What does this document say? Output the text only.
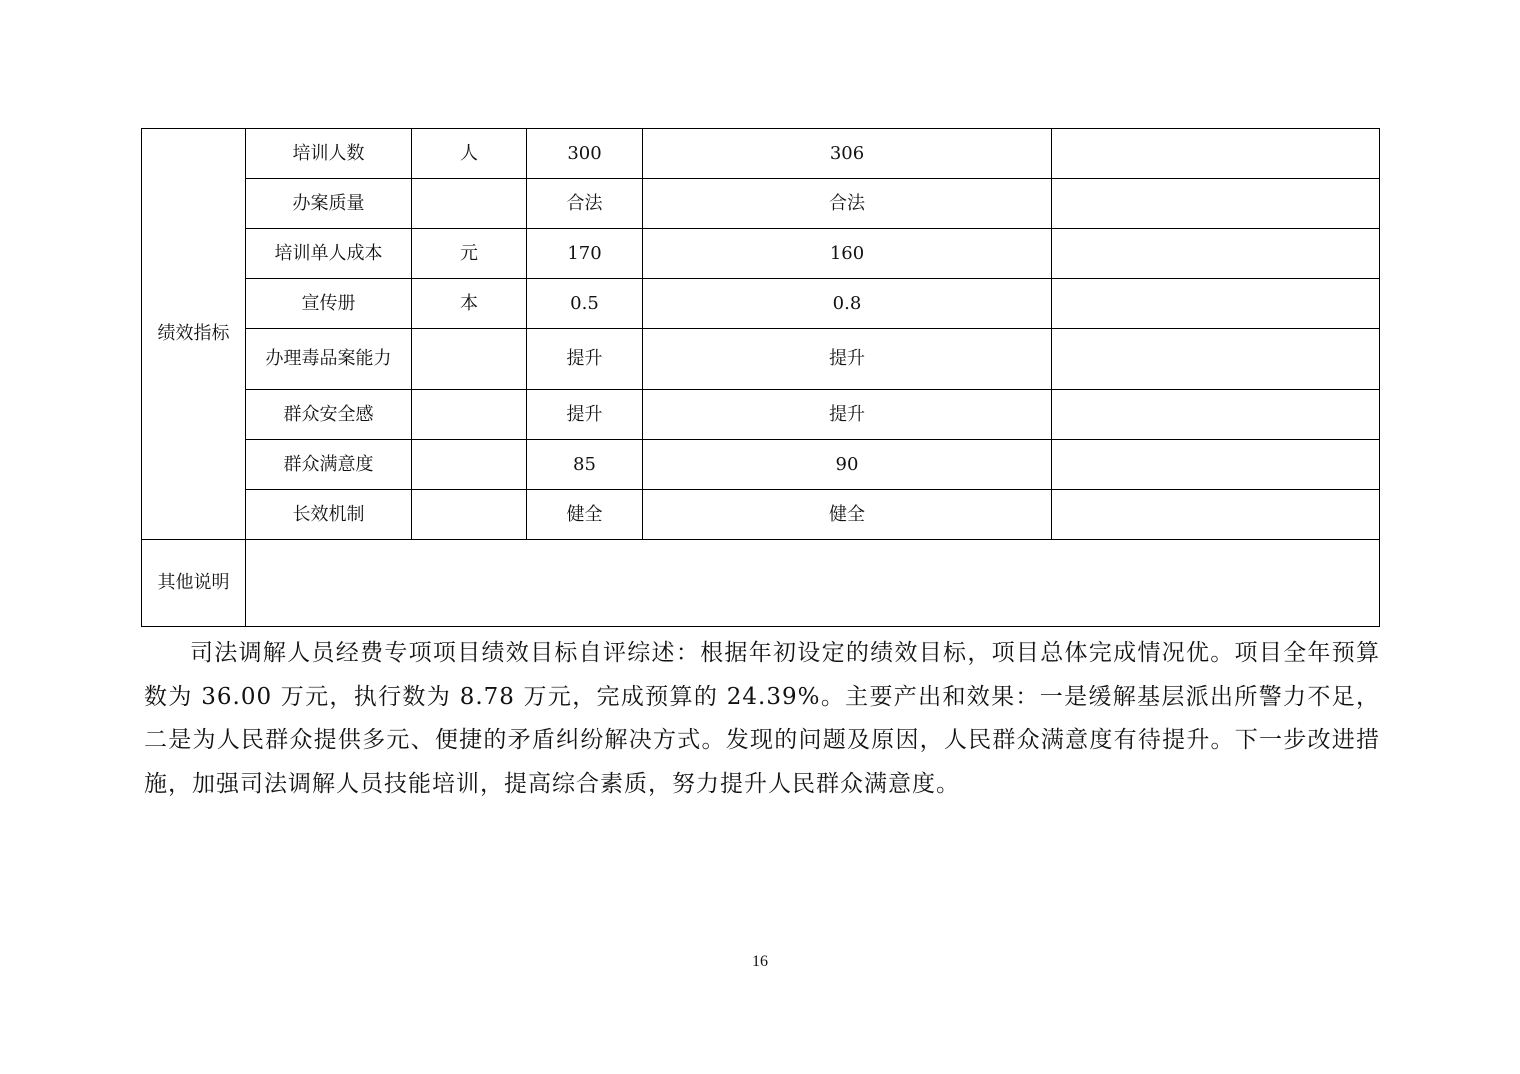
绩效指标	培训人数	人	300	306	
	办案质量		合法	合法	
	培训单人成本	元	170	160	
	宣传册	本	0.5	0.8	
	办理毒品案能力		提升	提升	
	群众安全感		提升	提升	
	群众满意度		85	90	
	长效机制		健全	健全	
其他说明					

司法调解人员经费专项项目绩效目标自评综述：根据年初设定的绩效目标，项目总体完成情况优。项目全年预算数为 36.00 万元，执行数为 8.78 万元，完成预算的 24.39%。主要产出和效果：一是缓解基层派出所警力不足，二是为人民群众提供多元、便捷的矛盾纠纷解决方式。发现的问题及原因，人民群众满意度有待提升。下一步改进措施，加强司法调解人员技能培训，提高综合素质，努力提升人民群众满意度。

16
